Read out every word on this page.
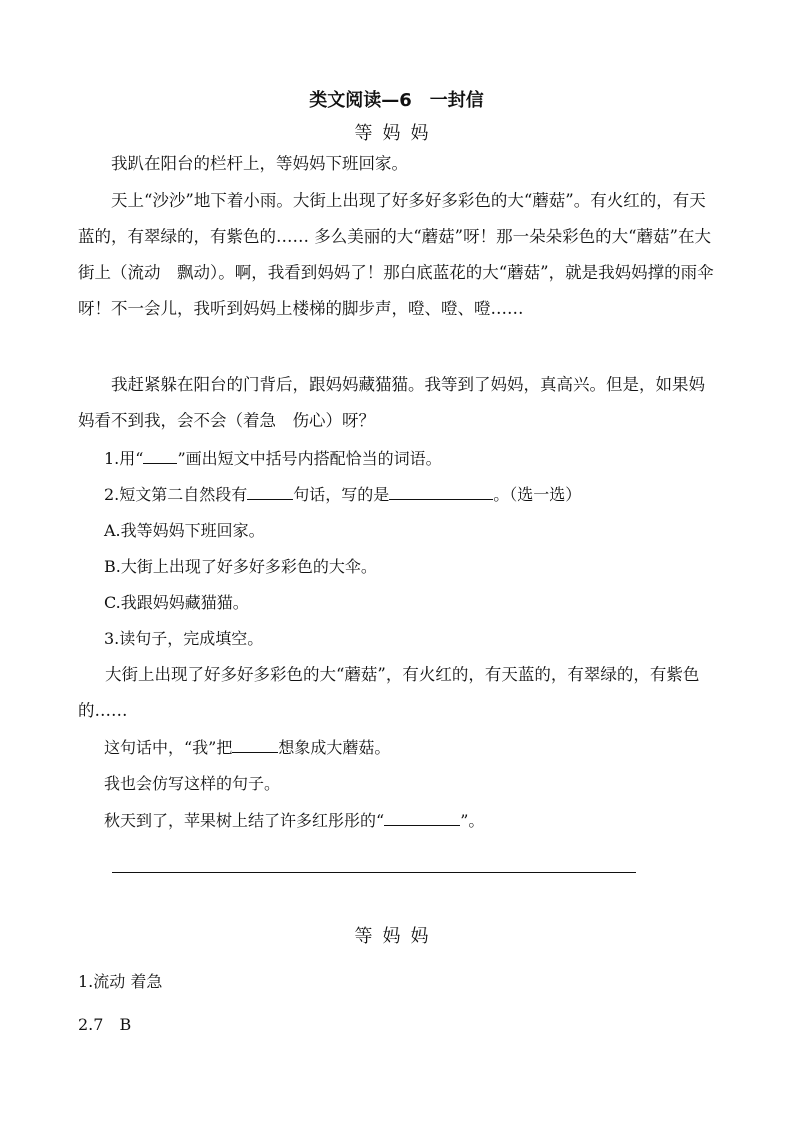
类文阅读—6　一封信
等妈妈
我趴在阳台的栏杆上，等妈妈下班回家。
天上“沙沙”地下着小雨。大街上出现了好多好多彩色的大“蘑菇”。有火红的，有天蓝的，有翠绿的，有紫色的…… 多么美丽的大“蘑菇”呀！那一朵朵彩色的大“蘑菇”在大街上（流动　飘动）。啊，我看到妈妈了！那白底蓝花的大“蘑菇”，就是我妈妈撑的雨伞呀！不一会儿，我听到妈妈上楼梯的脚步声，噔、噔、噔……
我赶紧躲在阳台的门背后，跟妈妈藏猫猫。我等到了妈妈，真高兴。但是，如果妈妈看不到我，会不会（着急　伤心）呀？
1.用“ ”画出短文中括号内搭配恰当的词语。
2.短文第二自然段有	句话，写的是	。（选一选）
A.我等妈妈下班回家。
B.大街上出现了好多好多彩色的大伞。
C.我跟妈妈藏猫猫。
3.读句子，完成填空。
大街上出现了好多好多彩色的大“蘑菇”，有火红的，有天蓝的，有翠绿的，有紫色的……
这句话中，“我”把	想象成大蘑菇。
我也会仿写这样的句子。
秋天到了，苹果树上结了许多红彤彤的“	”。
等妈妈
1.流动 着急
2.7　B
